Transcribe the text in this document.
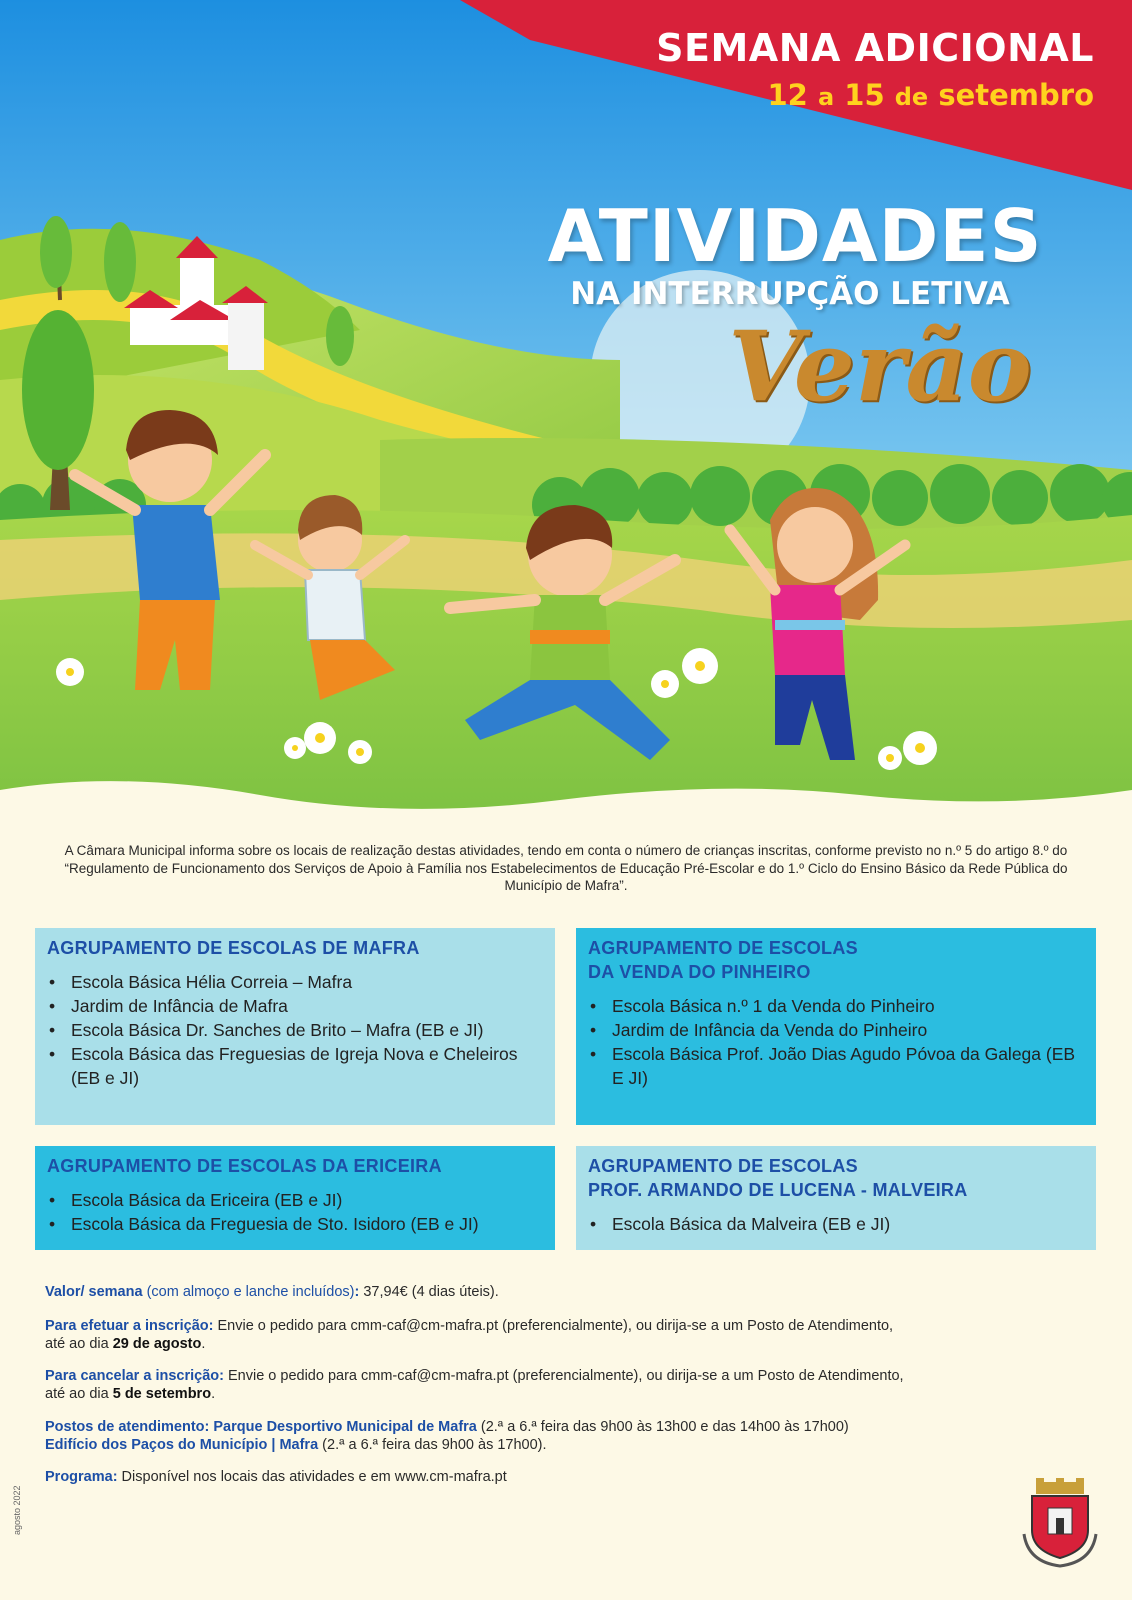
SEMANA ADICIONAL
12 a 15 de setembro
ATIVIDADES
NA INTERRUPÇÃO LETIVA
Verão
A Câmara Municipal informa sobre os locais de realização destas atividades, tendo em conta o número de crianças inscritas, conforme previsto no n.º 5 do artigo 8.º do “Regulamento de Funcionamento dos Serviços de Apoio à Família nos Estabelecimentos de Educação Pré-Escolar e do 1.º Ciclo do Ensino Básico da Rede Pública do Município de Mafra”.
AGRUPAMENTO DE ESCOLAS DE MAFRA
• Escola Básica Hélia Correia – Mafra
• Jardim de Infância de Mafra
• Escola Básica Dr. Sanches de Brito – Mafra (EB e JI)
• Escola Básica das Freguesias de Igreja Nova e Cheleiros (EB e JI)
AGRUPAMENTO DE ESCOLAS
DA VENDA DO PINHEIRO
• Escola Básica n.º 1 da Venda do Pinheiro
• Jardim de Infância da Venda do Pinheiro
• Escola Básica Prof. João Dias Agudo Póvoa da Galega (EB E JI)
AGRUPAMENTO DE ESCOLAS DA ERICEIRA
• Escola Básica da Ericeira (EB e JI)
• Escola Básica da Freguesia de Sto. Isidoro (EB e JI)
AGRUPAMENTO DE ESCOLAS
PROF. ARMANDO DE LUCENA - MALVEIRA
• Escola Básica da Malveira (EB e JI)
Valor/ semana (com almoço e lanche incluídos): 37,94€ (4 dias úteis).
Para efetuar a inscrição: Envie o pedido para cmm-caf@cm-mafra.pt (preferencialmente), ou dirija-se a um Posto de Atendimento,
até ao dia 29 de agosto.
Para cancelar a inscrição: Envie o pedido para cmm-caf@cm-mafra.pt (preferencialmente), ou dirija-se a um Posto de Atendimento,
até ao dia 5 de setembro.
Postos de atendimento: Parque Desportivo Municipal de Mafra (2.ª a 6.ª feira das 9h00 às 13h00 e das 14h00 às 17h00)
Edifício dos Paços do Município | Mafra (2.ª a 6.ª feira das 9h00 às 17h00).
Programa: Disponível nos locais das atividades e em www.cm-mafra.pt
agosto 2022
